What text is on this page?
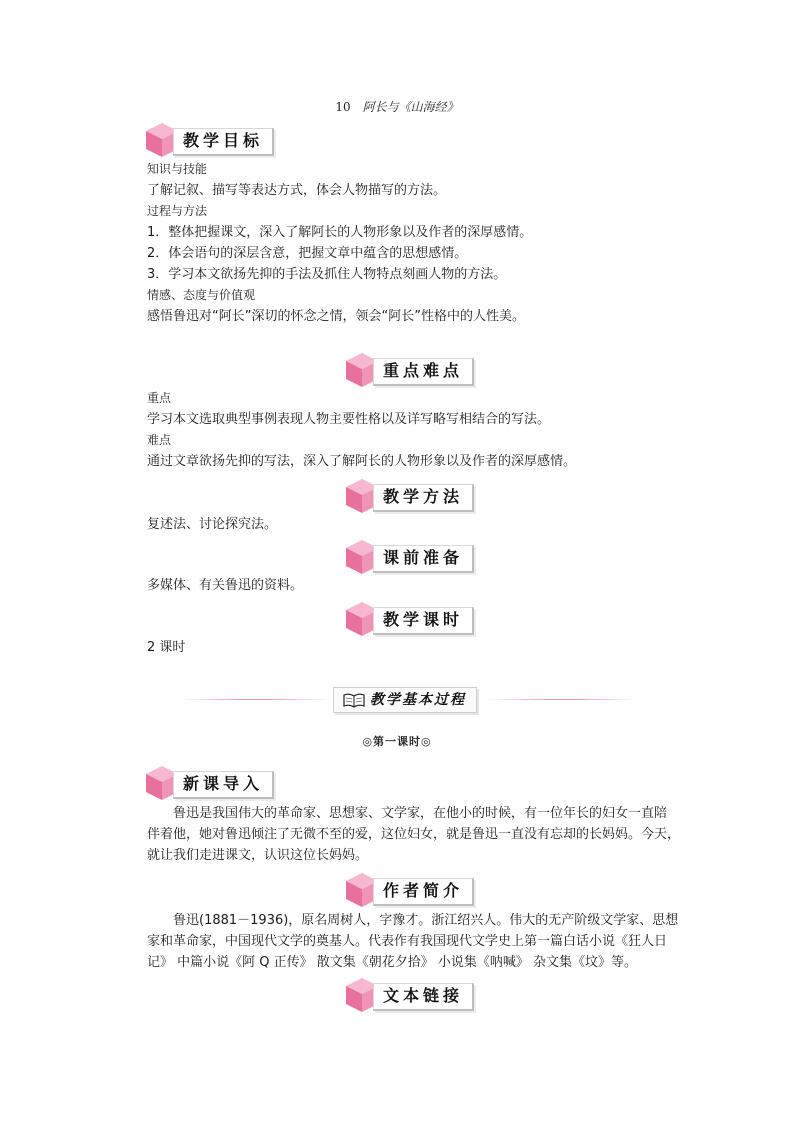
10 阿长与《山海经》
教学目标
知识与技能
了解记叙、描写等表达方式，体会人物描写的方法。
过程与方法
1．整体把握课文，深入了解阿长的人物形象以及作者的深厚感情。
2．体会语句的深层含意，把握文章中蕴含的思想感情。
3．学习本文欲扬先抑的手法及抓住人物特点刻画人物的方法。
情感、态度与价值观
感悟鲁迅对“阿长”深切的怀念之情，领会“阿长”性格中的人性美。
重点难点
重点
学习本文选取典型事例表现人物主要性格以及详写略写相结合的写法。
难点
通过文章欲扬先抑的写法，深入了解阿长的人物形象以及作者的深厚感情。
教学方法
复述法、讨论探究法。
课前准备
多媒体、有关鲁迅的资料。
教学课时
2 课时
教学基本过程
◎第一课时◎
新课导入
鲁迅是我国伟大的革命家、思想家、文学家，在他小的时候，有一位年长的妇女一直陪
伴着他，她对鲁迅倾注了无微不至的爱，这位妇女，就是鲁迅一直没有忘却的长妈妈。今天，
就让我们走进课文，认识这位长妈妈。
作者简介
鲁迅(1881－1936)，原名周树人，字豫才。浙江绍兴人。伟大的无产阶级文学家、思想
家和革命家，中国现代文学的奠基人。代表作有我国现代文学史上第一篇白话小说《狂人日
记》 中篇小说《阿 Q 正传》 散文集《朝花夕拾》 小说集《呐喊》 杂文集《坟》等。
文本链接
